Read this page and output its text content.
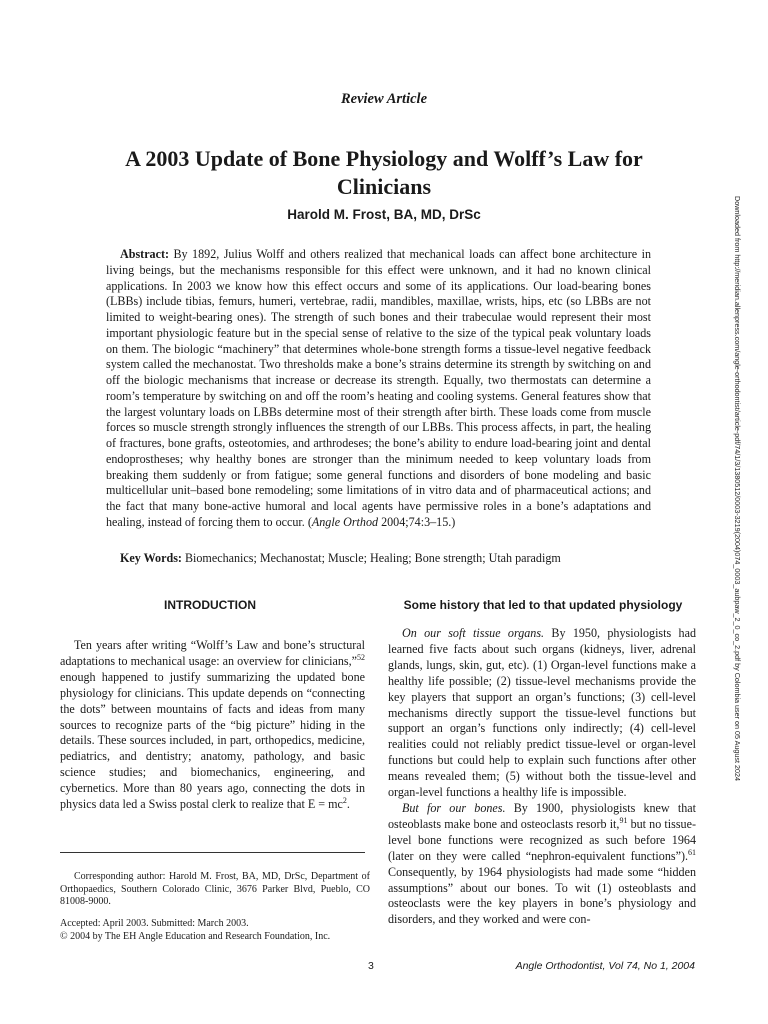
Review Article
A 2003 Update of Bone Physiology and Wolff’s Law for Clinicians
Harold M. Frost, BA, MD, DrSc
Abstract: By 1892, Julius Wolff and others realized that mechanical loads can affect bone architecture in living beings, but the mechanisms responsible for this effect were unknown, and it had no known clinical applications. In 2003 we know how this effect occurs and some of its applications. Our load-bearing bones (LBBs) include tibias, femurs, humeri, vertebrae, radii, mandibles, maxillae, wrists, hips, etc (so LBBs are not limited to weight-bearing ones). The strength of such bones and their trabeculae would represent their most important physiologic feature but in the special sense of relative to the size of the typical peak voluntary loads on them. The biologic “machinery” that determines whole-bone strength forms a tissue-level negative feedback system called the mechanostat. Two thresholds make a bone’s strains determine its strength by switching on and off the biologic mechanisms that increase or decrease its strength. Equally, two thermostats can determine a room’s temperature by switching on and off the room’s heating and cooling systems. General features show that the largest voluntary loads on LBBs determine most of their strength after birth. These loads come from muscle forces so muscle strength strongly influences the strength of our LBBs. This process affects, in part, the healing of fractures, bone grafts, osteotomies, and arthrodeses; the bone’s ability to endure load-bearing joint and dental endoprostheses; why healthy bones are stronger than the minimum needed to keep voluntary loads from breaking them suddenly or from fatigue; some general functions and disorders of bone modeling and basic multicellular unit–based bone remodeling; some limitations of in vitro data and of pharmaceutical actions; and the fact that many bone-active humoral and local agents have permissive roles in a bone’s adaptations and healing, instead of forcing them to occur. (Angle Orthod 2004;74:3–15.)
Key Words: Biomechanics; Mechanostat; Muscle; Healing; Bone strength; Utah paradigm
INTRODUCTION	Some history that led to that updated physiology

Ten years after writing “Wolff’s Law and bone’s structural adaptations to mechanical usage: an overview for clinicians,”$^{52}$ enough happened to justify summarizing the updated bone physiology for clinicians. This update depends on “connecting the dots” between mountains of facts and ideas from many sources to recognize parts of the “big picture” hiding in the details. These sources included, in part, orthopedics, medicine, pediatrics, and dentistry; anatomy, pathology, and basic science studies; and biomechanics, engineering, and cybernetics. More than 80 years ago, connecting the dots in physics data led a Swiss postal clerk to realize that $E = mc^2$.

On our soft tissue organs. By 1950, physiologists had learned five facts about such organs (kidneys, liver, adrenal glands, lungs, skin, gut, etc). (1) Organ-level functions make a healthy life possible; (2) tissue-level mechanisms provide the key players that support an organ’s functions; (3) cell-level mechanisms directly support the tissue-level functions but support an organ’s functions only indirectly; (4) cell-level realities could not reliably predict tissue-level or organ-level functions but could help to explain such functions after other means revealed them; (5) without both the tissue-level and organ-level functions a healthy life is impossible.

But for our bones. By 1900, physiologists knew that osteoblasts make bone and osteoclasts resorb it,$^{91}$ but no tissue-level bone functions were recognized as such before 1964 (later on they were called “nephron-equivalent functions”).$^{61}$ Consequently, by 1964 physiologists had made some “hidden assumptions” about our bones. To wit (1) osteoblasts and osteoclasts were the key players in bone’s physiology and disorders, and they worked and were con-

Corresponding author: Harold M. Frost, BA, MD, DrSc, Department of Orthopaedics, Southern Colorado Clinic, 3676 Parker Blvd, Pueblo, CO 81008-9000.
Accepted: April 2003. Submitted: March 2003.
© 2004 by The EH Angle Education and Research Foundation, Inc.
3	Angle Orthodontist, Vol 74, No 1, 2004
Downloaded from http://meridian.allenpress.com/angle-orthodontist/article-pdf/74/1/3/1380512/0003-3219(2004)074_0003_aubpaw_2_0_co_2.pdf by Colombia user on 05 August 2024
